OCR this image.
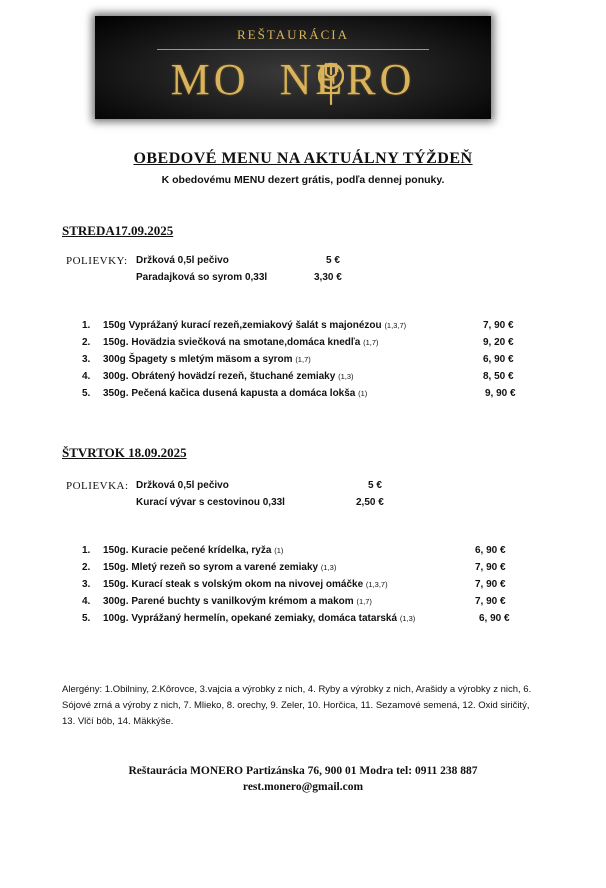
REŠTAURÁCIA
MO NERO
OBEDOVÉ MENU NA AKTUÁLNY TÝŽDEŇ
K obedovému MENU dezert grátis, podľa dennej ponuky.
STREDA17.09.2025
POLIEVKY: Držková 0,5l pečivo	5 €
Paradajková so syrom 0,33l	3,30 €
1. 150g Vyprážaný kurací rezeň,zemiakový šalát s majonézou (1,3,7)	7, 90 €
2. 150g. Hovädzia sviečková na smotane,domáca knedľa (1,7)	9, 20 €
3. 300g Špagety s mletým mäsom a syrom (1,7)	6, 90 €
4. 300g. Obrátený hovädzí rezeň, štuchané zemiaky (1,3)	8, 50 €
5. 350g. Pečená kačica dusená kapusta a domáca lokša (1)	9, 90 €
ŠTVRTOK 18.09.2025
POLIEVKA: Držková 0,5l pečivo	5 €
Kurací vývar s cestovinou 0,33l	2,50 €
1. 150g. Kuracie pečené krídelka, ryža (1)	6, 90 €
2. 150g. Mletý rezeň so syrom a varené zemiaky (1,3)	7, 90 €
3. 150g. Kurací steak s volským okom na nivovej omáčke (1,3,7)	7, 90 €
4. 300g. Parené buchty s vanilkovým krémom a makom (1,7)	7, 90 €
5. 100g. Vyprážaný hermelín, opekané zemiaky, domáca tatarská (1,3)	6, 90 €
Alergény: 1.Obilniny, 2.Kôrovce, 3.vajcia a výrobky z nich, 4. Ryby a výrobky z nich, Arašidy a výrobky z nich, 6. Sójové zrná a výroby z nich, 7. Mlieko, 8. orechy, 9. Zeler, 10. Horčica, 11. Sezamové semená, 12. Oxid siričitý, 13. Vlčí bôb, 14. Mäkkýše.
Reštaurácia MONERO Partizánska 76, 900 01 Modra tel: 0911 238 887
rest.monero@gmail.com
